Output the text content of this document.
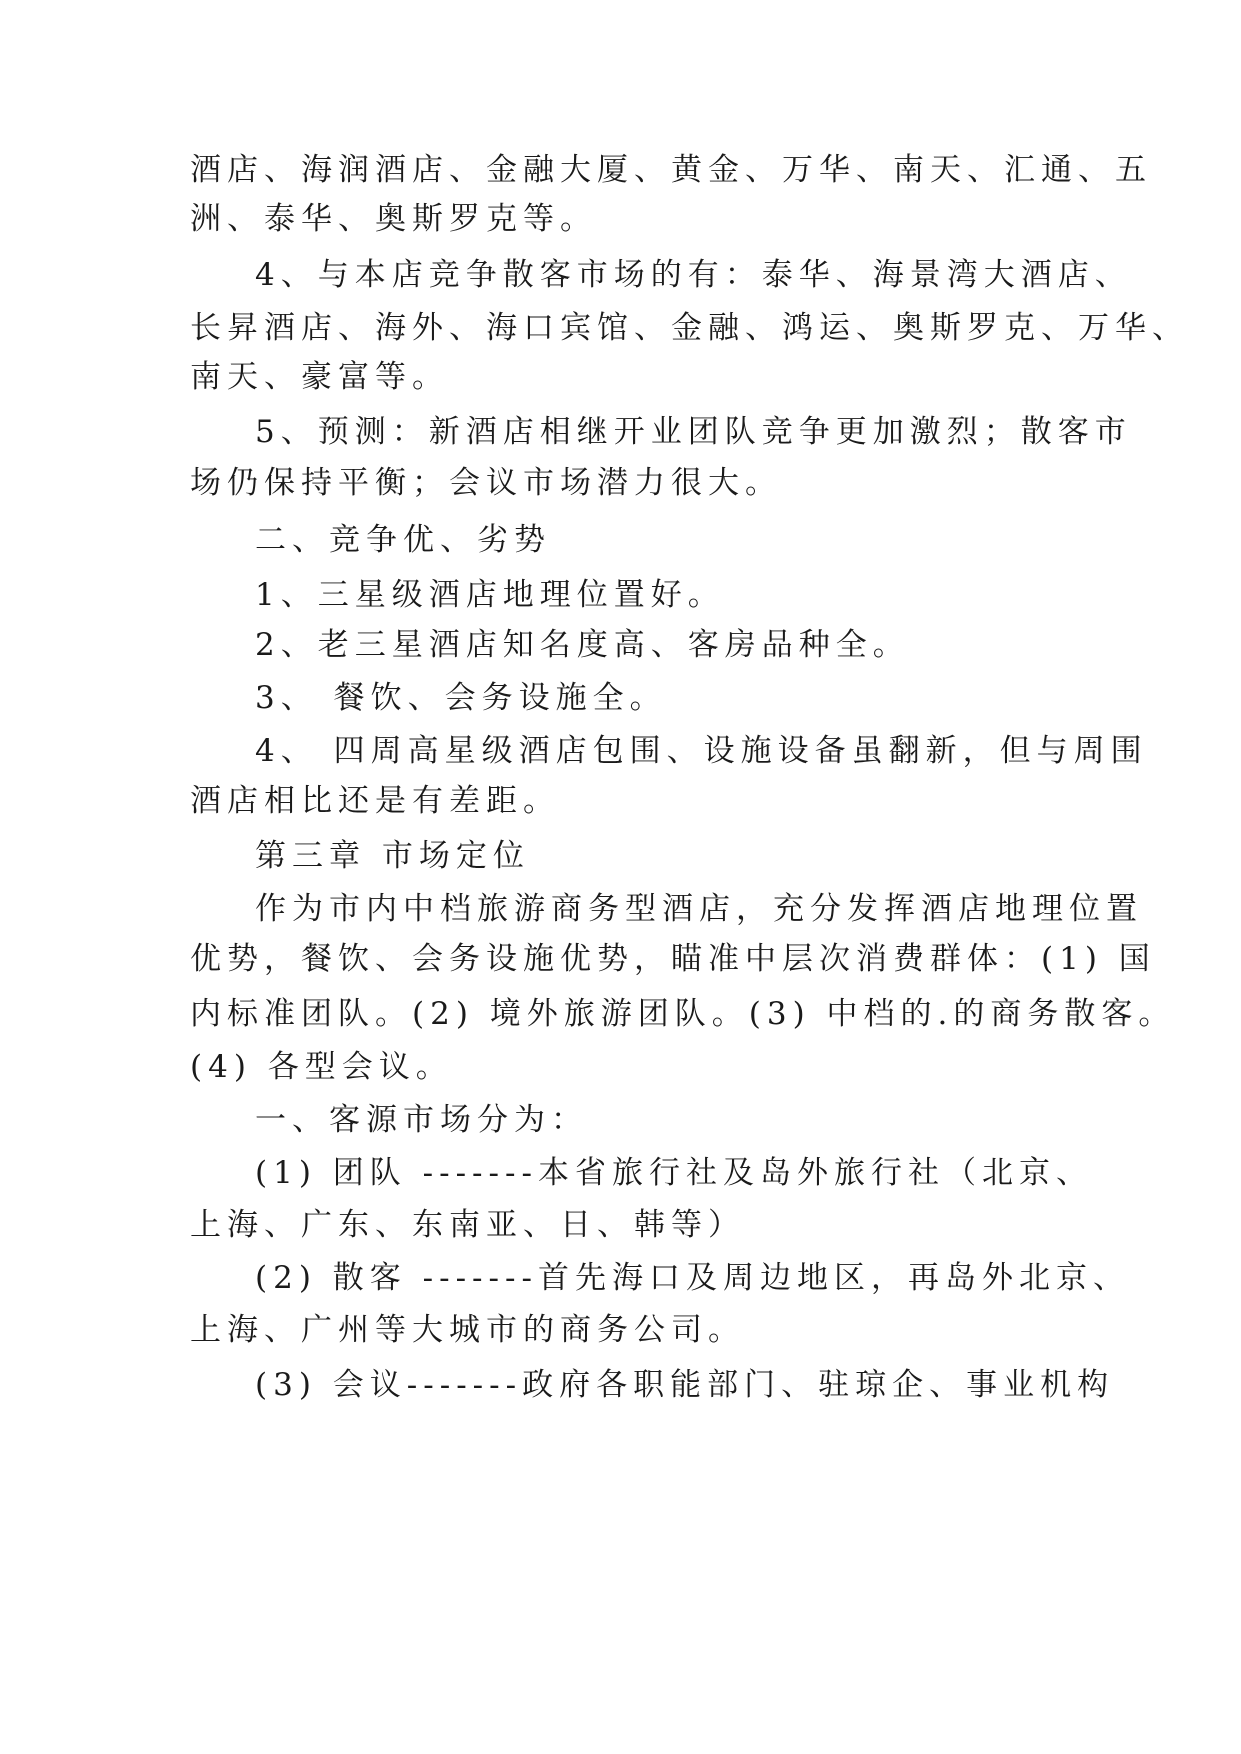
酒店、海润酒店、金融大厦、黄金、万华、南天、汇通、五
洲、泰华、奥斯罗克等。
4、与本店竞争散客市场的有：泰华、海景湾大酒店、
长昇酒店、海外、海口宾馆、金融、鸿运、奥斯罗克、万华、
南天、豪富等。
5、预测：新酒店相继开业团队竞争更加激烈；散客市
场仍保持平衡；会议市场潜力很大。
二、竞争优、劣势
1、三星级酒店地理位置好。
2、老三星酒店知名度高、客房品种全。
3、 餐饮、会务设施全。
4、 四周高星级酒店包围、设施设备虽翻新，但与周围
酒店相比还是有差距。
第三章 市场定位
作为市内中档旅游商务型酒店，充分发挥酒店地理位置
优势，餐饮、会务设施优势，瞄准中层次消费群体：(1) 国
内标准团队。(2) 境外旅游团队。(3) 中档的.的商务散客。
(4) 各型会议。
一、客源市场分为：
(1) 团队 -------本省旅行社及岛外旅行社（北京、
上海、广东、东南亚、日、韩等）
(2) 散客 -------首先海口及周边地区，再岛外北京、
上海、广州等大城市的商务公司。
(3) 会议-------政府各职能部门、驻琼企、事业机构
